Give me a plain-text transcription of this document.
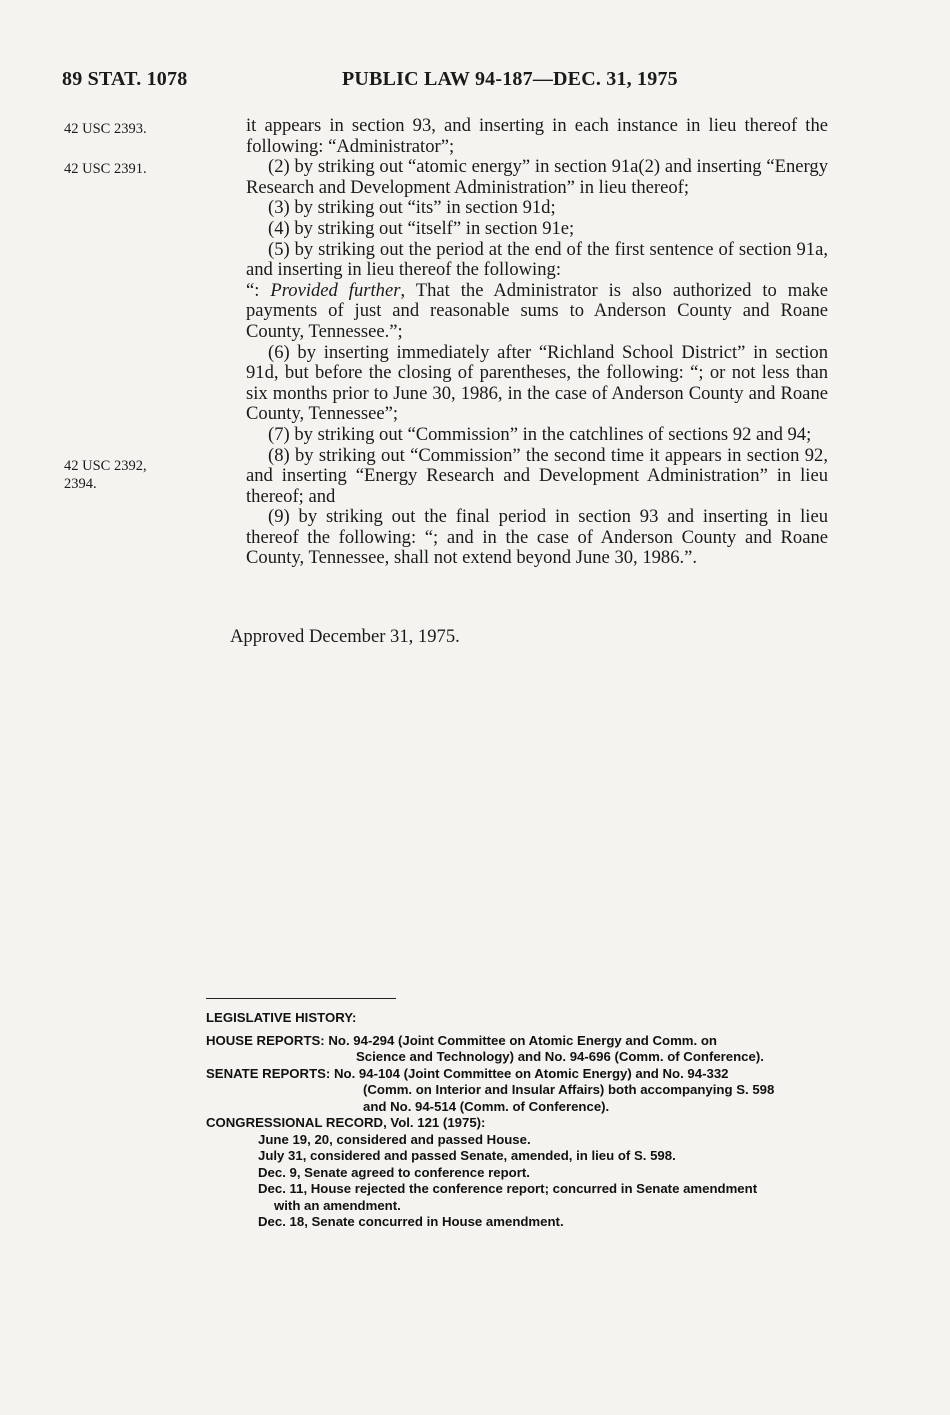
89 STAT. 1078	PUBLIC LAW 94-187—DEC. 31, 1975
42 USC 2393.
42 USC 2391.
42 USC 2392,
2394.

it appears in section 93, and inserting in each instance in lieu thereof the following: “Administrator”;

(2) by striking out “atomic energy” in section 91a(2) and inserting “Energy Research and Development Administration” in lieu thereof;

(3) by striking out “its” in section 91d;

(4) by striking out “itself” in section 91e;

(5) by striking out the period at the end of the first sentence of section 91a, and inserting in lieu thereof the following:

“: Provided further, That the Administrator is also authorized to make payments of just and reasonable sums to Anderson County and Roane County, Tennessee.”;

(6) by inserting immediately after “Richland School District” in section 91d, but before the closing of parentheses, the following: “; or not less than six months prior to June 30, 1986, in the case of Anderson County and Roane County, Tennessee”;

(7) by striking out “Commission” in the catchlines of sections 92 and 94;

(8) by striking out “Commission” the second time it appears in section 92, and inserting “Energy Research and Development Administration” in lieu thereof; and

(9) by striking out the final period in section 93 and inserting in lieu thereof the following: “; and in the case of Anderson County and Roane County, Tennessee, shall not extend beyond June 30, 1986.”.

Approved December 31, 1975.

LEGISLATIVE HISTORY:

HOUSE REPORTS: No. 94-294 (Joint Committee on Atomic Energy and Comm. on

Science and Technology) and No. 94-696 (Comm. of Conference).

SENATE REPORTS: No. 94-104 (Joint Committee on Atomic Energy) and No. 94-332

(Comm. on Interior and Insular Affairs) both accompanying S. 598

and No. 94-514 (Comm. of Conference).

CONGRESSIONAL RECORD, Vol. 121 (1975):

June 19, 20, considered and passed House.

July 31, considered and passed Senate, amended, in lieu of S. 598.

Dec. 9, Senate agreed to conference report.

Dec. 11, House rejected the conference report; concurred in Senate amendment

with an amendment.

Dec. 18, Senate concurred in House amendment.
